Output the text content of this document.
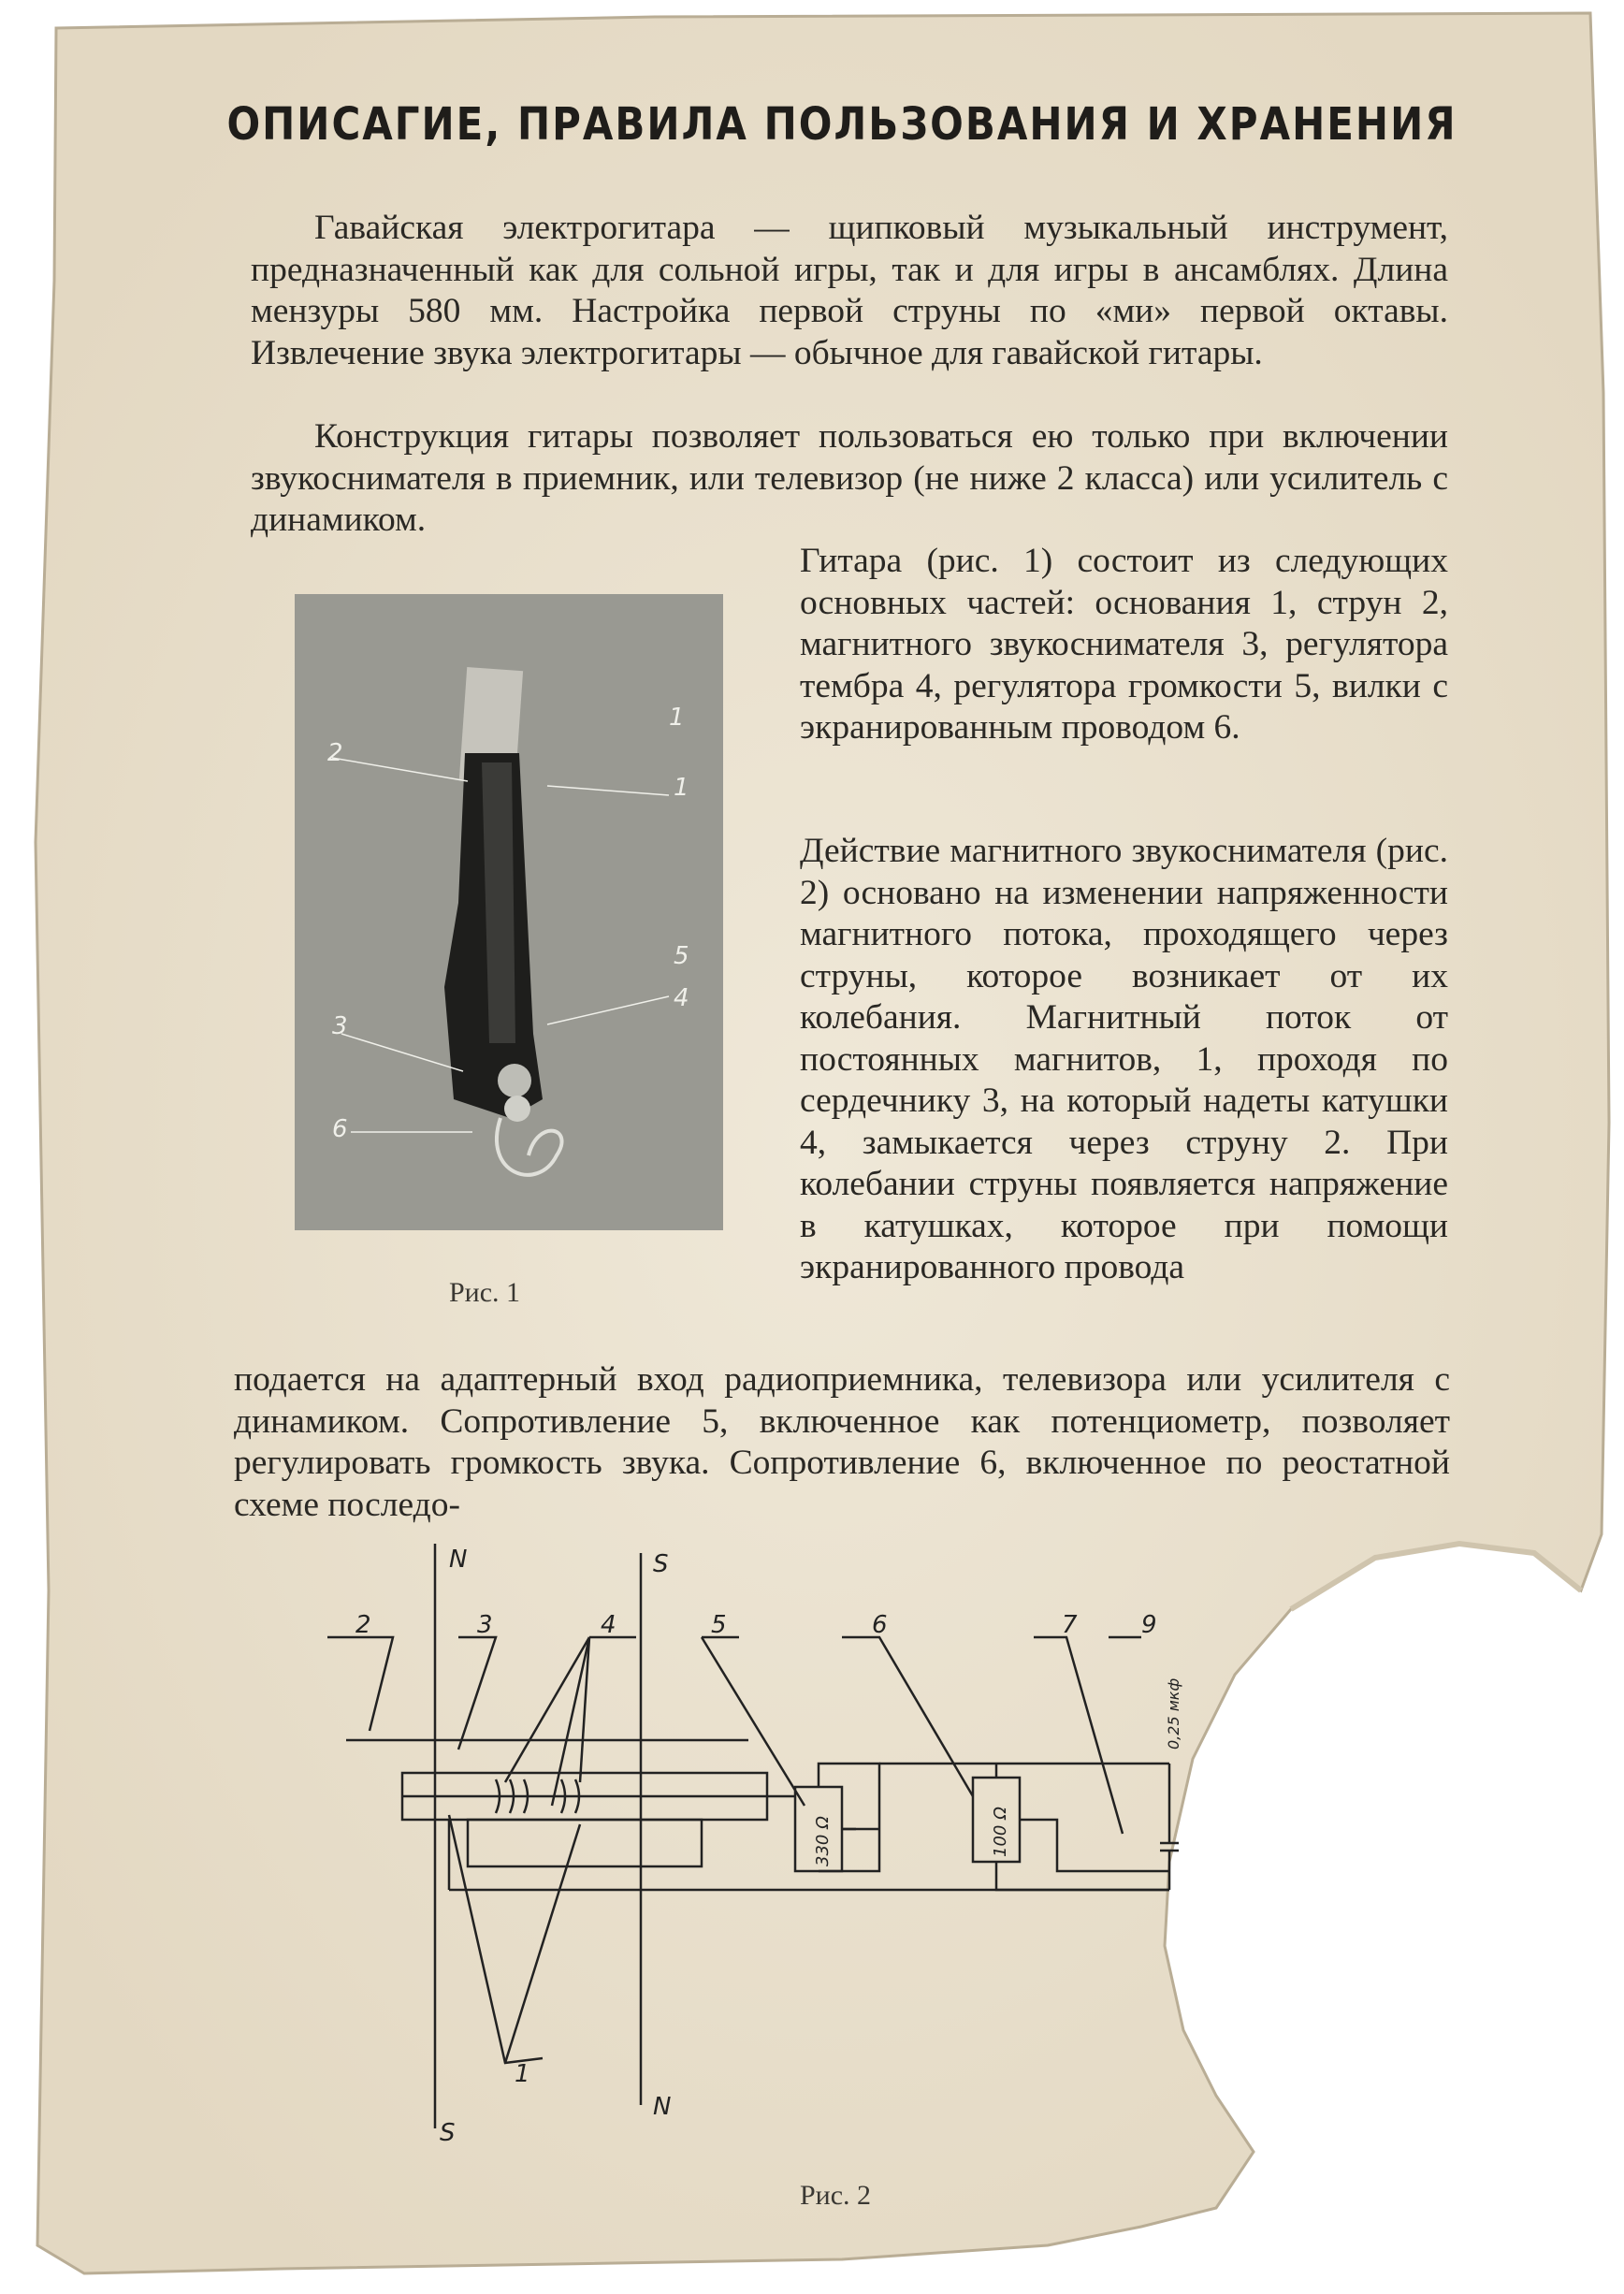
ОПИСАГИЕ, ПРАВИЛА ПОЛЬЗОВАНИЯ И ХРАНЕНИЯ
Гавайская электрогитара — щипковый музыкальный инструмент, предназначенный как для сольной игры, так и для игры в ансамблях. Длина мензуры 580 мм. Настройка первой струны по «ми» первой октавы. Извлечение звука электрогитары — обычное для гавайской гитары.
Конструкция гитары позволяет пользоваться ею только при включении звукоснимателя в приемник, или телевизор (не ниже 2 класса) или усилитель с динамиком.
2
1
1
3
5
4
6
Рис. 1
Гитара (рис. 1) состоит из следующих основных частей: основания 1, струн 2, магнитного звукоснимателя 3, регулятора тембра 4, регулятора громкости 5, вилки с экранированным проводом 6.
Действие магнитного звукоснимателя (рис. 2) основано на изменении напряженности магнитного потока, проходящего через струны, которое возникает от их колебания. Магнитный поток от постоянных магнитов, 1, проходя по сердечнику 3, на который надеты катушки 4, замыкается через струну 2. При колебании струны появляется напряжение в катушках, которое при помощи экранированного провода
подается на адаптерный вход радиоприемника, телевизора или усилителя с динамиком. Сопротивление 5, включенное как потенциометр, позволяет регулировать громкость звука. Сопротивление 6, включенное по реостатной схеме последо-
N	S
S
N
1
2	3	4	5	6	7	9
330 Ω	100 Ω
0,25 мкф
Рис. 2
